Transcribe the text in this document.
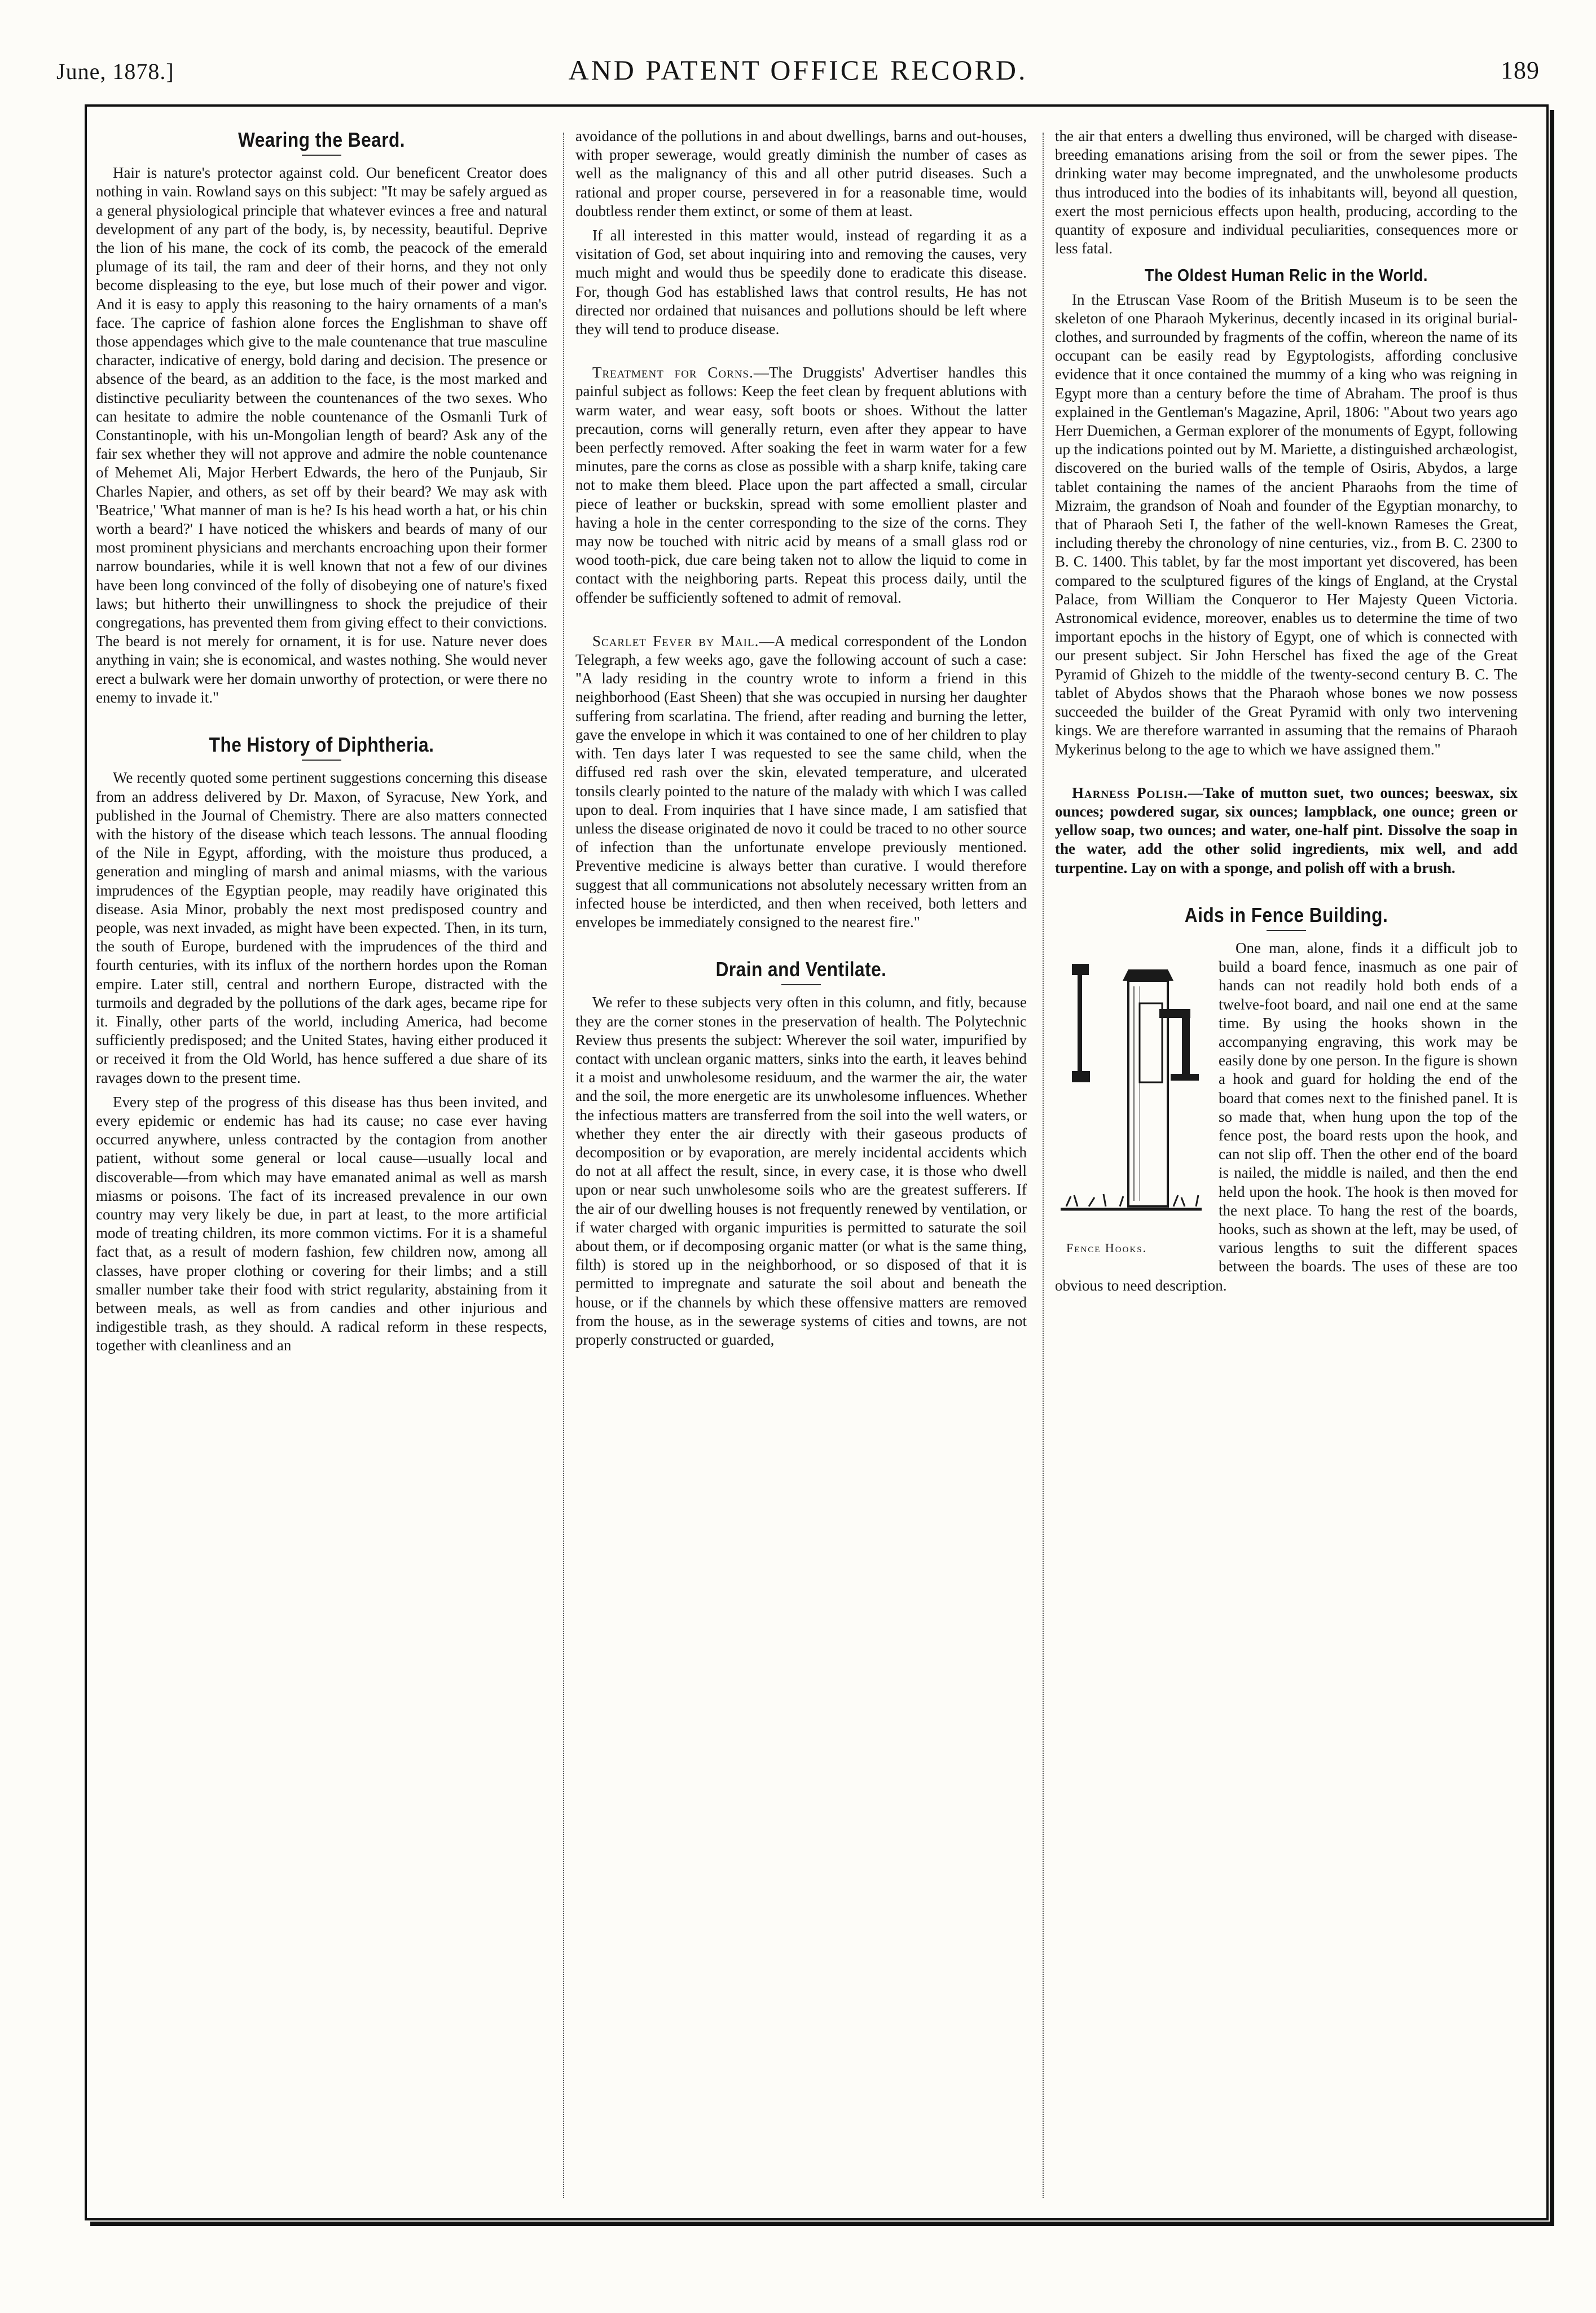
June, 1878.]	AND PATENT OFFICE RECORD.	189
Wearing the Beard.

Hair is nature's protector against cold. Our beneficent Creator does nothing in vain. Rowland says on this subject: "It may be safely argued as a general physiological principle that whatever evinces a free and natural development of any part of the body, is, by necessity, beautiful. Deprive the lion of his mane, the cock of its comb, the peacock of the emerald plumage of its tail, the ram and deer of their horns, and they not only become displeasing to the eye, but lose much of their power and vigor. And it is easy to apply this reasoning to the hairy ornaments of a man's face. The caprice of fashion alone forces the Englishman to shave off those appendages which give to the male countenance that true masculine character, indicative of energy, bold daring and decision. The presence or absence of the beard, as an addition to the face, is the most marked and distinctive peculiarity between the countenances of the two sexes. Who can hesitate to admire the noble countenance of the Osmanli Turk of Constantinople, with his un-Mongolian length of beard? Ask any of the fair sex whether they will not approve and admire the noble countenance of Mehemet Ali, Major Herbert Edwards, the hero of the Punjaub, Sir Charles Napier, and others, as set off by their beard? We may ask with 'Beatrice,' 'What manner of man is he? Is his head worth a hat, or his chin worth a beard?' I have noticed the whiskers and beards of many of our most prominent physicians and merchants encroaching upon their former narrow boundaries, while it is well known that not a few of our divines have been long convinced of the folly of disobeying one of nature's fixed laws; but hitherto their unwillingness to shock the prejudice of their congregations, has prevented them from giving effect to their convictions. The beard is not merely for ornament, it is for use. Nature never does anything in vain; she is economical, and wastes nothing. She would never erect a bulwark were her domain unworthy of protection, or were there no enemy to invade it."

The History of Diphtheria.

We recently quoted some pertinent suggestions concerning this disease from an address delivered by Dr. Maxon, of Syracuse, New York, and published in the Journal of Chemistry. There are also matters connected with the history of the disease which teach lessons. The annual flooding of the Nile in Egypt, affording, with the moisture thus produced, a generation and mingling of marsh and animal miasms, with the various imprudences of the Egyptian people, may readily have originated this disease. Asia Minor, probably the next most predisposed country and people, was next invaded, as might have been expected. Then, in its turn, the south of Europe, burdened with the imprudences of the third and fourth centuries, with its influx of the northern hordes upon the Roman empire. Later still, central and northern Europe, distracted with the turmoils and degraded by the pollutions of the dark ages, became ripe for it. Finally, other parts of the world, including America, had become sufficiently predisposed; and the United States, having either produced it or received it from the Old World, has hence suffered a due share of its ravages down to the present time.

Every step of the progress of this disease has thus been invited, and every epidemic or endemic has had its cause; no case ever having occurred anywhere, unless contracted by the contagion from another patient, without some general or local cause—usually local and discoverable—from which may have emanated animal as well as marsh miasms or poisons. The fact of its increased prevalence in our own country may very likely be due, in part at least, to the more artificial mode of treating children, its more common victims. For it is a shameful fact that, as a result of modern fashion, few children now, among all classes, have proper clothing or covering for their limbs; and a still smaller number take their food with strict regularity, abstaining from it between meals, as well as from candies and other injurious and indigestible trash, as they should. A radical reform in these respects, together with cleanliness and an

avoidance of the pollutions in and about dwellings, barns and out-houses, with proper sewerage, would greatly diminish the number of cases as well as the malignancy of this and all other putrid diseases. Such a rational and proper course, persevered in for a reasonable time, would doubtless render them extinct, or some of them at least.

If all interested in this matter would, instead of regarding it as a visitation of God, set about inquiring into and removing the causes, very much might and would thus be speedily done to eradicate this disease. For, though God has established laws that control results, He has not directed nor ordained that nuisances and pollutions should be left where they will tend to produce disease.

Treatment for Corns.—The Druggists' Advertiser handles this painful subject as follows: Keep the feet clean by frequent ablutions with warm water, and wear easy, soft boots or shoes. Without the latter precaution, corns will generally return, even after they appear to have been perfectly removed. After soaking the feet in warm water for a few minutes, pare the corns as close as possible with a sharp knife, taking care not to make them bleed. Place upon the part affected a small, circular piece of leather or buckskin, spread with some emollient plaster and having a hole in the center corresponding to the size of the corns. They may now be touched with nitric acid by means of a small glass rod or wood tooth-pick, due care being taken not to allow the liquid to come in contact with the neighboring parts. Repeat this process daily, until the offender be sufficiently softened to admit of removal.

Scarlet Fever by Mail.—A medical correspondent of the London Telegraph, a few weeks ago, gave the following account of such a case: "A lady residing in the country wrote to inform a friend in this neighborhood (East Sheen) that she was occupied in nursing her daughter suffering from scarlatina. The friend, after reading and burning the letter, gave the envelope in which it was contained to one of her children to play with. Ten days later I was requested to see the same child, when the diffused red rash over the skin, elevated temperature, and ulcerated tonsils clearly pointed to the nature of the malady with which I was called upon to deal. From inquiries that I have since made, I am satisfied that unless the disease originated de novo it could be traced to no other source of infection than the unfortunate envelope previously mentioned. Preventive medicine is always better than curative. I would therefore suggest that all communications not absolutely necessary written from an infected house be interdicted, and then when received, both letters and envelopes be immediately consigned to the nearest fire."

Drain and Ventilate.

We refer to these subjects very often in this column, and fitly, because they are the corner stones in the preservation of health. The Polytechnic Review thus presents the subject: Wherever the soil water, impurified by contact with unclean organic matters, sinks into the earth, it leaves behind it a moist and unwholesome residuum, and the warmer the air, the water and the soil, the more energetic are its unwholesome influences. Whether the infectious matters are transferred from the soil into the well waters, or whether they enter the air directly with their gaseous products of decomposition or by evaporation, are merely incidental accidents which do not at all affect the result, since, in every case, it is those who dwell upon or near such unwholesome soils who are the greatest sufferers. If the air of our dwelling houses is not frequently renewed by ventilation, or if water charged with organic impurities is permitted to saturate the soil about them, or if decomposing organic matter (or what is the same thing, filth) is stored up in the neighborhood, or so disposed of that it is permitted to impregnate and saturate the soil about and beneath the house, or if the channels by which these offensive matters are removed from the house, as in the sewerage systems of cities and towns, are not properly constructed or guarded,

the air that enters a dwelling thus environed, will be charged with disease-breeding emanations arising from the soil or from the sewer pipes. The drinking water may become impregnated, and the unwholesome products thus introduced into the bodies of its inhabitants will, beyond all question, exert the most pernicious effects upon health, producing, according to the quantity of exposure and individual peculiarities, consequences more or less fatal.

The Oldest Human Relic in the World.

In the Etruscan Vase Room of the British Museum is to be seen the skeleton of one Pharaoh Mykerinus, decently incased in its original burial-clothes, and surrounded by fragments of the coffin, whereon the name of its occupant can be easily read by Egyptologists, affording conclusive evidence that it once contained the mummy of a king who was reigning in Egypt more than a century before the time of Abraham. The proof is thus explained in the Gentleman's Magazine, April, 1806: "About two years ago Herr Duemichen, a German explorer of the monuments of Egypt, following up the indications pointed out by M. Mariette, a distinguished archæologist, discovered on the buried walls of the temple of Osiris, Abydos, a large tablet containing the names of the ancient Pharaohs from the time of Mizraim, the grandson of Noah and founder of the Egyptian monarchy, to that of Pharaoh Seti I, the father of the well-known Rameses the Great, including thereby the chronology of nine centuries, viz., from B. C. 2300 to B. C. 1400. This tablet, by far the most important yet discovered, has been compared to the sculptured figures of the kings of England, at the Crystal Palace, from William the Conqueror to Her Majesty Queen Victoria. Astronomical evidence, moreover, enables us to determine the time of two important epochs in the history of Egypt, one of which is connected with our present subject. Sir John Herschel has fixed the age of the Great Pyramid of Ghizeh to the middle of the twenty-second century B. C. The tablet of Abydos shows that the Pharaoh whose bones we now possess succeeded the builder of the Great Pyramid with only two intervening kings. We are therefore warranted in assuming that the remains of Pharaoh Mykerinus belong to the age to which we have assigned them."

Harness Polish.—Take of mutton suet, two ounces; beeswax, six ounces; powdered sugar, six ounces; lampblack, one ounce; green or yellow soap, two ounces; and water, one-half pint. Dissolve the soap in the water, add the other solid ingredients, mix well, and add turpentine. Lay on with a sponge, and polish off with a brush.

Aids in Fence Building.
Fence Hooks.

One man, alone, finds it a difficult job to build a board fence, inasmuch as one pair of hands can not readily hold both ends of a twelve-foot board, and nail one end at the same time. By using the hooks shown in the accompanying engraving, this work may be easily done by one person. In the figure is shown a hook and guard for holding the end of the board that comes next to the finished panel. It is so made that, when hung upon the top of the fence post, the board rests upon the hook, and can not slip off. Then the other end of the board is nailed, the middle is nailed, and then the end held upon the hook. The hook is then moved for the next place. To hang the rest of the boards, hooks, such as shown at the left, may be used, of various lengths to suit the different spaces between the boards. The uses of these are too obvious to need description.
